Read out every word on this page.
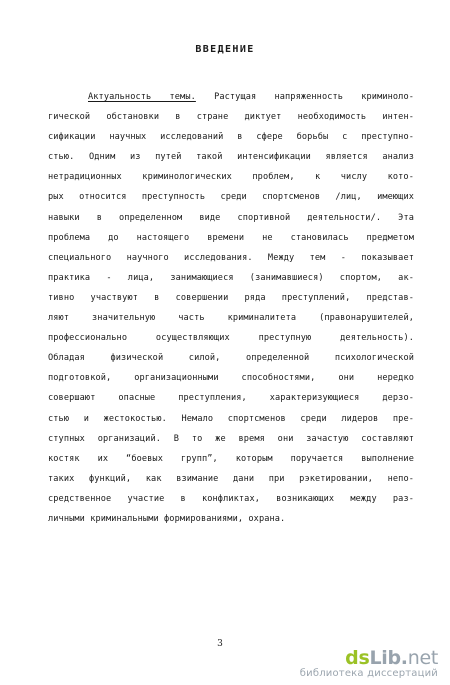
ВВЕДЕНИЕ
Актуальность темы. Растущая напряженность криминоло-
гической обстановки в стране диктует необходимость интен-
сификации научных исследований в сфере борьбы с преступно-
стью. Одним из путей такой интенсификации является анализ
нетрадиционных криминологических проблем, к числу кото-
рых относится преступность среди спортсменов /лиц, имеющих
навыки в определенном виде спортивной деятельности/. Эта
проблема до настоящего времени не становилась предметом
специального научного исследования. Между тем - показывает
практика - лица, занимающиеся (занимавшиеся) спортом, ак-
тивно участвуют в совершении ряда преступлений, представ-
ляют значительную часть криминалитета (правонарушителей,
профессионально осуществляющих преступную деятельность).
Обладая физической силой, определенной психологической
подготовкой, организационными способностями, они нередко
совершают опасные преступления, характеризующиеся дерзо-
стью и жестокостью. Немало спортсменов среди лидеров пре-
ступных организаций. В то же время они зачастую составляют
костяк их “боевых групп”, которым поручается выполнение
таких функций, как взимание дани при рэкетировании, непо-
средственное участие в конфликтах, возникающих между раз-
личными криминальными формированиями, охрана.
3
dsLib.net
библиотека диссертаций
